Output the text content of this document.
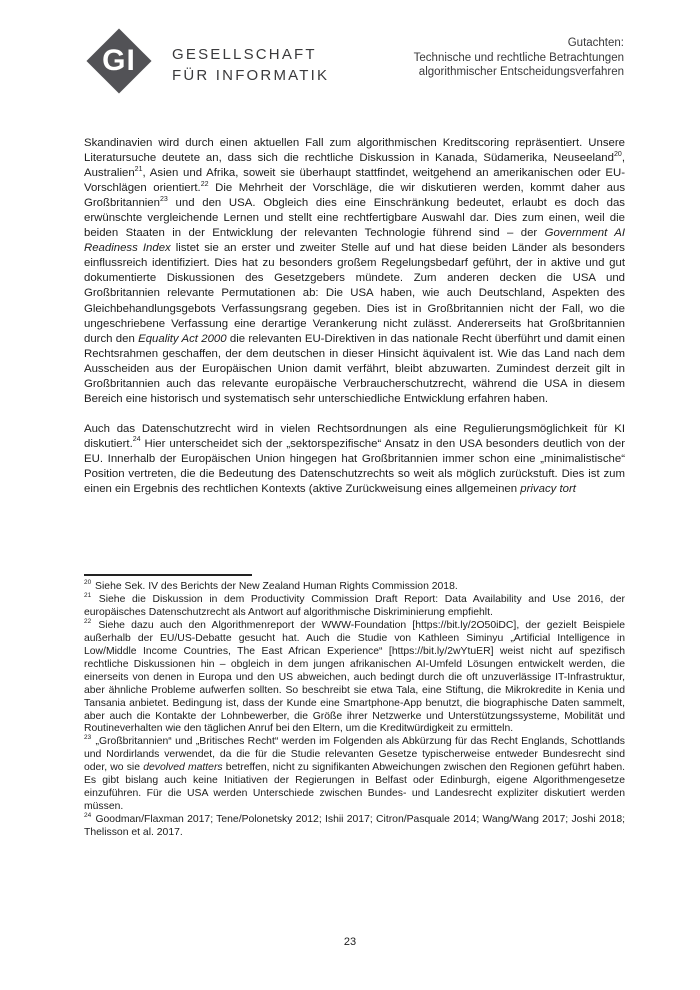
GI	GESELLSCHAFT
FÜR INFORMATIK
Gutachten:
Technische und rechtliche Betrachtungen
algorithmischer Entscheidungsverfahren

Skandinavien wird durch einen aktuellen Fall zum algorithmischen Kreditscoring repräsentiert. Unsere Literatursuche deutete an, dass sich die rechtliche Diskussion in Kanada, Südamerika, Neuseeland$^{20}$, Australien$^{21}$, Asien und Afrika, soweit sie überhaupt stattfindet, weitgehend an amerikanischen oder EU-Vorschlägen orientiert.$^{22}$ Die Mehrheit der Vorschläge, die wir diskutieren werden, kommt daher aus Großbritannien$^{23}$ und den USA. Obgleich dies eine Einschränkung bedeutet, erlaubt es doch das erwünschte vergleichende Lernen und stellt eine rechtfertigbare Auswahl dar. Dies zum einen, weil die beiden Staaten in der Entwicklung der relevanten Technologie führend sind – der Government AI Readiness Index listet sie an erster und zweiter Stelle auf und hat diese beiden Länder als besonders einflussreich identifiziert. Dies hat zu besonders großem Regelungsbedarf geführt, der in aktive und gut dokumentierte Diskussionen des Gesetzgebers mündete. Zum anderen decken die USA und Großbritannien relevante Permutationen ab: Die USA haben, wie auch Deutschland, Aspekten des Gleichbehandlungsgebots Verfassungsrang gegeben. Dies ist in Großbritannien nicht der Fall, wo die ungeschriebene Verfassung eine derartige Verankerung nicht zulässt. Andererseits hat Großbritannien durch den Equality Act 2000 die relevanten EU-Direktiven in das nationale Recht überführt und damit einen Rechtsrahmen geschaffen, der dem deutschen in dieser Hinsicht äquivalent ist. Wie das Land nach dem Ausscheiden aus der Europäischen Union damit verfährt, bleibt abzuwarten. Zumindest derzeit gilt in Großbritannien auch das relevante europäische Verbraucherschutzrecht, während die USA in diesem Bereich eine historisch und systematisch sehr unterschiedliche Entwicklung erfahren haben.

Auch das Datenschutzrecht wird in vielen Rechtsordnungen als eine Regulierungsmöglichkeit für KI diskutiert.$^{24}$ Hier unterscheidet sich der „sektorspezifische“ Ansatz in den USA besonders deutlich von der EU. Innerhalb der Europäischen Union hingegen hat Großbritannien immer schon eine „minimalistische“ Position vertreten, die die Bedeutung des Datenschutzrechts so weit als möglich zurückstuft. Dies ist zum einen ein Ergebnis des rechtlichen Kontexts (aktive Zurückweisung eines allgemeinen privacy tort

$^{20}$ Siehe Sek. IV des Berichts der New Zealand Human Rights Commission 2018.
$^{21}$ Siehe die Diskussion in dem Productivity Commission Draft Report: Data Availability and Use 2016, der europäisches Datenschutzrecht als Antwort auf algorithmische Diskriminierung empfiehlt.
$^{22}$ Siehe dazu auch den Algorithmenreport der WWW-Foundation [https://bit.ly/2O50iDC], der gezielt Beispiele außerhalb der EU/US-Debatte gesucht hat. Auch die Studie von Kathleen Siminyu „Artificial Intelligence in Low/Middle Income Countries, The East African Experience“ [https://bit.ly/2wYtuER] weist nicht auf spezifisch rechtliche Diskussionen hin – obgleich in dem jungen afrikanischen AI-Umfeld Lösungen entwickelt werden, die einerseits von denen in Europa und den US abweichen, auch bedingt durch die oft unzuverlässige IT-Infrastruktur, aber ähnliche Probleme aufwerfen sollten. So beschreibt sie etwa Tala, eine Stiftung, die Mikrokredite in Kenia und Tansania anbietet. Bedingung ist, dass der Kunde eine Smartphone-App benutzt, die biographische Daten sammelt, aber auch die Kontakte der Lohnbewerber, die Größe ihrer Netzwerke und Unterstützungssysteme, Mobilität und Routineverhalten wie den täglichen Anruf bei den Eltern, um die Kreditwürdigkeit zu ermitteln.
$^{23}$ „Großbritannien“ und „Britisches Recht“ werden im Folgenden als Abkürzung für das Recht Englands, Schottlands und Nordirlands verwendet, da die für die Studie relevanten Gesetze typischerweise entweder Bundesrecht sind oder, wo sie devolved matters betreffen, nicht zu signifikanten Abweichungen zwischen den Regionen geführt haben. Es gibt bislang auch keine Initiativen der Regierungen in Belfast oder Edinburgh, eigene Algorithmengesetze einzuführen. Für die USA werden Unterschiede zwischen Bundes- und Landesrecht expliziter diskutiert werden müssen.
$^{24}$ Goodman/Flaxman 2017; Tene/Polonetsky 2012; Ishii 2017; Citron/Pasquale 2014; Wang/Wang 2017; Joshi 2018; Thelisson et al. 2017.
23
